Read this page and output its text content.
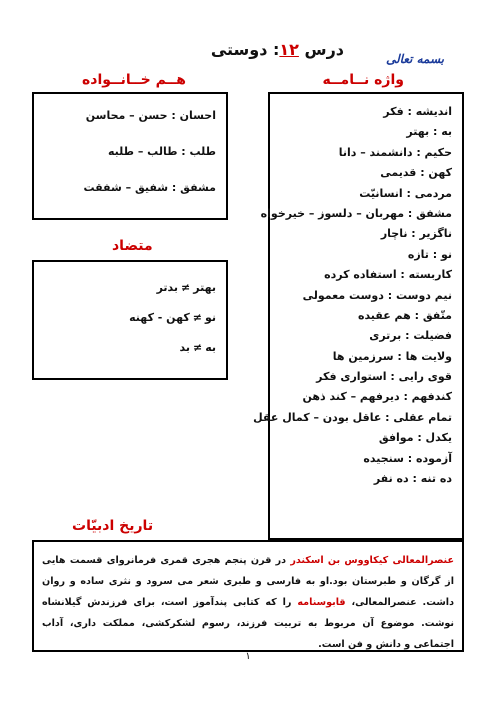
درس ۱۲: دوستی	بسمه تعالی
واژه نــامــه
اندیشه : فکر
به : بهتر
حکیم : دانشمند – دانا
کهن : قدیمی
مردمی : انسانیّت
مشفق : مهربان – دلسوز – خیرخواه
ناگزیر : ناچار
نو : تازه
کاربسته : استفاده کرده
نیم دوست : دوست معمولی
متّفق : هم عقیده
فضیلت : برتری
ولایت ها : سرزمین ها
قوی رایی : استواری فکر
کندفهم : دیرفهم – کند ذهن
تمام عقلی : عاقل بودن – کمال عقل
یکدل : موافق
آزموده : سنجیده
ده تنه : ده نفر
هــم خــانــواده
احسان : حسن – محاسن
طلب : طالب – طلبه
مشفق : شفیق – شفقت
متضاد
بهتر≠بدتر
نو≠کهن - کهنه
به≠بد
تاریخ ادبیّات

عنصرالمعالی کیکاووس بن اسکندر در قرن پنجم هجری قمری فرمانروای قسمت هایی از گرگان و طبرستان بود.او به فارسی و طبری شعر می سرود و نثری ساده و روان داشت. عنصرالمعالی، قابوسنامه را که کتابی پندآموز است، برای فرزندش گیلانشاه نوشت. موضوع آن مربوط به تربیت فرزند، رسوم لشکرکشی، مملکت داری، آداب اجتماعی و دانش و فن است.

۱
